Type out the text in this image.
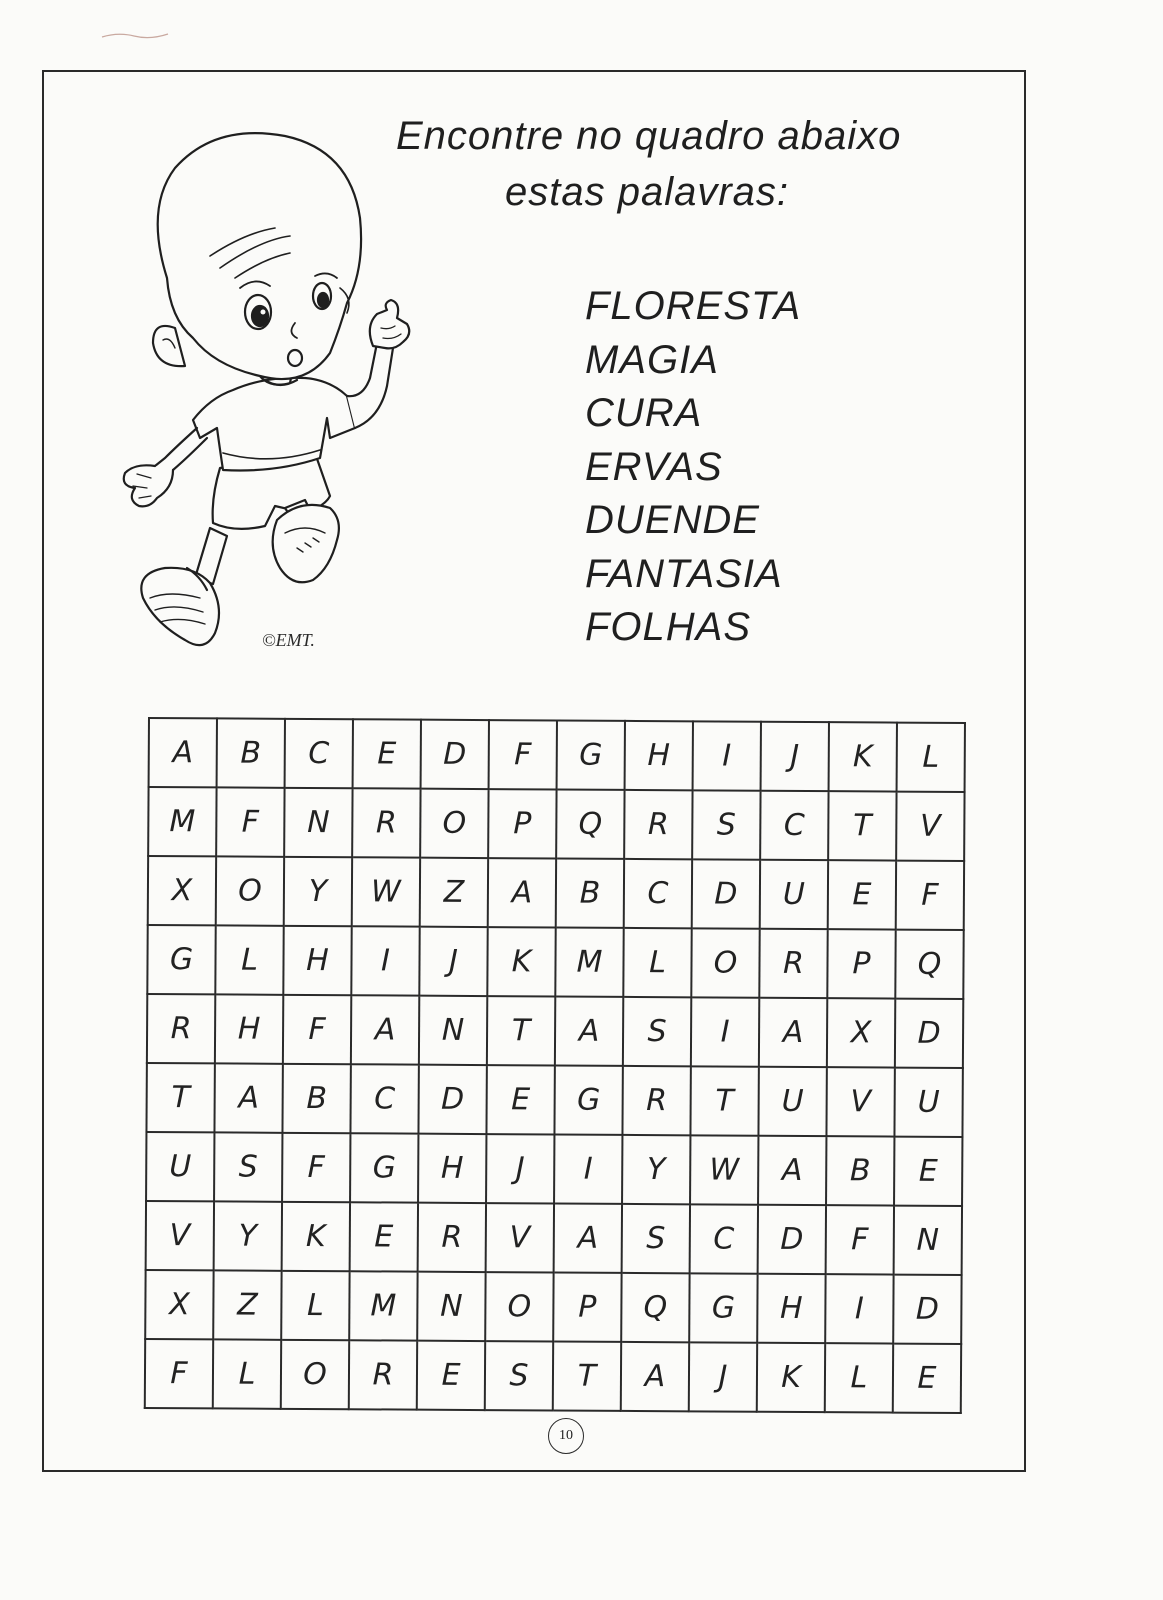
Encontre no quadro abaixo
estas palavras:
FLORESTA
MAGIA
CURA
ERVAS
DUENDE
FANTASIA
FOLHAS
©EMT.
A	B	C	E	D	F	G	H	I	J	K	L
M	F	N	R	O	P	Q	R	S	C	T	V
X	O	Y	W	Z	A	B	C	D	U	E	F
G	L	H	I	J	K	M	L	O	R	P	Q
R	H	F	A	N	T	A	S	I	A	X	D
T	A	B	C	D	E	G	R	T	U	V	U
U	S	F	G	H	J	I	Y	W	A	B	E
V	Y	K	E	R	V	A	S	C	D	F	N
X	Z	L	M	N	O	P	Q	G	H	I	D
F	L	O	R	E	S	T	A	J	K	L	E
10
